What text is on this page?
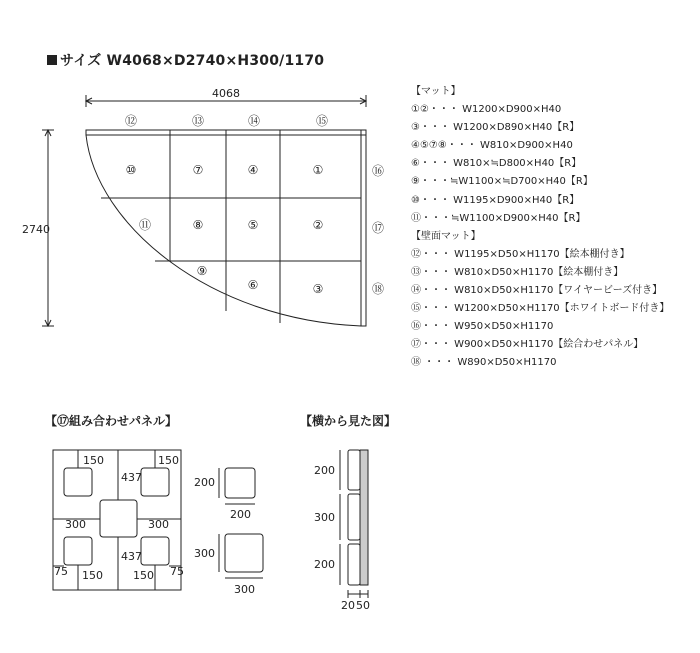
サイズ W4068×D2740×H300/1170
4068
2740
⑫	⑬	⑭	⑮
⑯
⑰
⑱
⑩	⑦	④	①
⑪	⑧	⑤	②
⑨
⑥	③
150	150
437
300	300
437
75 150	150 75
200
200
300
300
200
300
200
20 50
【マット】
①②・・・ W1200×D900×H40
③・・・ W1200×D890×H40【R】
④⑤⑦⑧・・・ W810×D900×H40
⑥・・・ W810×≒D800×H40【R】
⑨・・・≒W1100×≒D700×H40【R】
⑩・・・ W1195×D900×H40【R】
⑪・・・≒W1100×D900×H40【R】
【壁面マット】
⑫・・・ W1195×D50×H1170【絵本棚付き】
⑬・・・ W810×D50×H1170【絵本棚付き】
⑭・・・ W810×D50×H1170【ワイヤービーズ付き】
⑮・・・ W1200×D50×H1170【ホワイトボード付き】
⑯・・・ W950×D50×H1170
⑰・・・ W900×D50×H1170【絵合わせパネル】
⑱ ・・・ W890×D50×H1170
【⑰組み合わせパネル】	【横から見た図】
